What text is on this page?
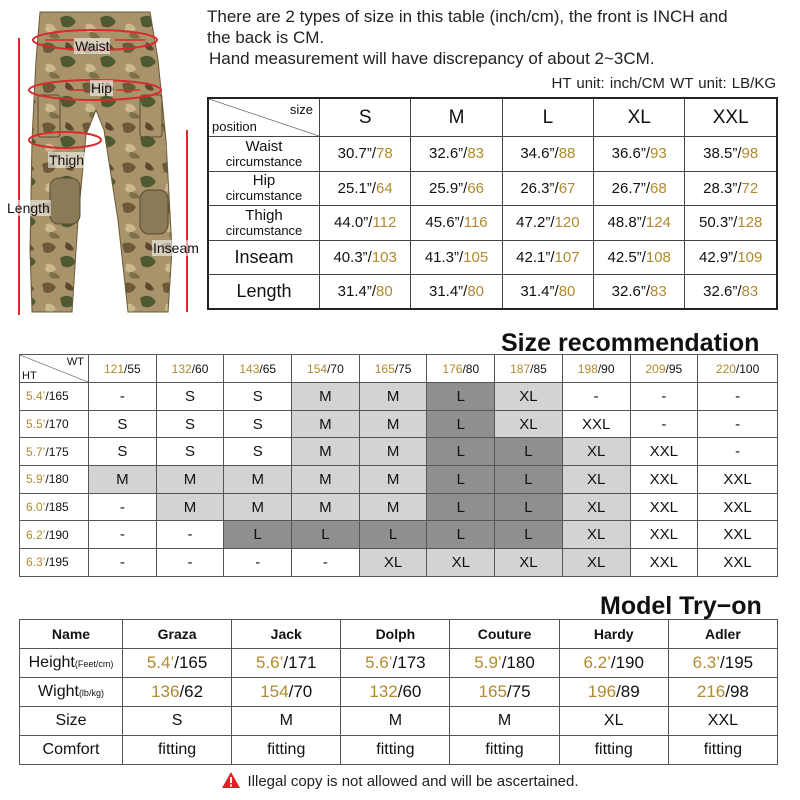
Waist
Hip
Thigh
Length
Inseam

There are 2 types of size in this table (inch/cm), the front is INCH and

the back is CM.

Hand measurement will have discrepancy of about 2~3CM.

HT unit: inch/CM WT unit: LB/KG
size
position	S	M	L	XL	XXL
Waist
circumstance	30.7”/78	32.6”/83	34.6”/88	36.6”/93	38.5”/98
Hip
circumstance	25.1”/64	25.9”/66	26.3”/67	26.7”/68	28.3”/72
Thigh
circumstance	44.0”/112	45.6”/116	47.2”/120	48.8”/124	50.3”/128
Inseam	40.3”/103	41.3”/105	42.1”/107	42.5”/108	42.9”/109
Length	31.4”/80	31.4”/80	31.4”/80	32.6”/83	32.6”/83
Size recommendation
WT
HT	121/55	132/60	143/65	154/70	165/75	176/80	187/85	198/90	209/95	220/100
5.4’/165	-	S	S	M	M	L	XL	-	-	-
5.5’/170	S	S	S	M	M	L	XL	XXL	-	-
5.7’/175	S	S	S	M	M	L	L	XL	XXL	-
5.9’/180	M	M	M	M	M	L	L	XL	XXL	XXL
6.0’/185	-	M	M	M	M	L	L	XL	XXL	XXL
6.2’/190	-	-	L	L	L	L	L	XL	XXL	XXL
6.3’/195	-	-	-	-	XL	XL	XL	XL	XXL	XXL
Model Try−on
Name	Graza	Jack	Dolph	Couture	Hardy	Adler
Height(Feet/cm)	5.4’/165	5.6’/171	5.6’/173	5.9’/180	6.2’/190	6.3’/195
Wight(lb/kg)	136/62	154/70	132/60	165/75	196/89	216/98
Size	S	M	M	M	XL	XXL
Comfort	fitting	fitting	fitting	fitting	fitting	fitting
Illegal copy is not allowed and will be ascertained.
